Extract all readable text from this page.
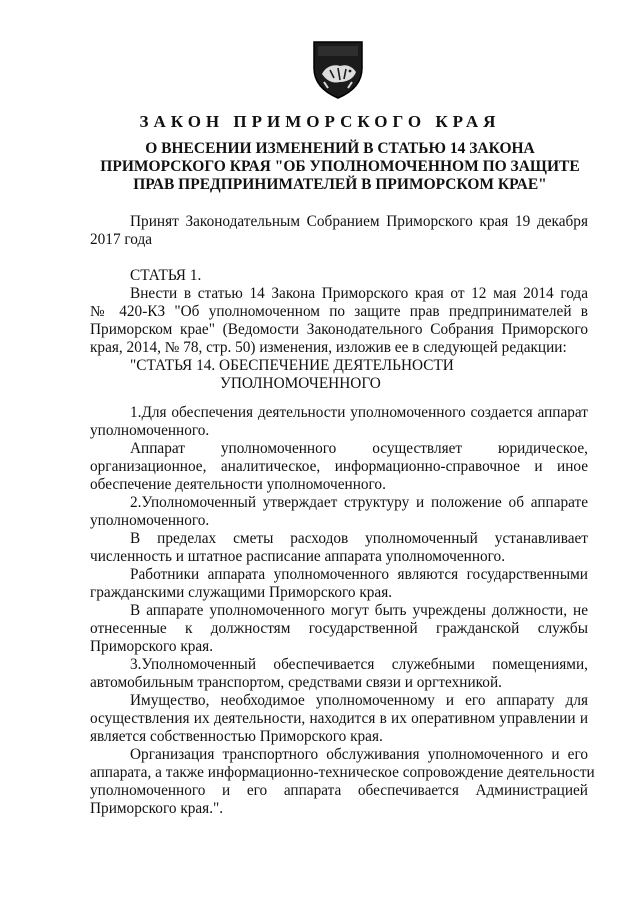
ЗАКОН ПРИМОРСКОГО КРАЯ
О ВНЕСЕНИИ ИЗМЕНЕНИЙ В СТАТЬЮ 14 ЗАКОНА
ПРИМОРСКОГО КРАЯ "ОБ УПОЛНОМОЧЕННОМ ПО ЗАЩИТЕ
ПРАВ ПРЕДПРИНИМАТЕЛЕЙ В ПРИМОРСКОМ КРАЕ"

Принят Законодательным Собранием Приморского края 19 декабря
2017 года

СТАТЬЯ 1.

Внести в статью 14 Закона Приморского края от 12 мая 2014 года
№ 420-КЗ "Об уполномоченном по защите прав предпринимателей в
Приморском крае" (Ведомости Законодательного Собрания Приморского
края, 2014, № 78, стр. 50) изменения, изложив ее в следующей редакции:

"СТАТЬЯ 14. ОБЕСПЕЧЕНИЕ ДЕЯТЕЛЬНОСТИ
УПОЛНОМОЧЕННОГО

1.Для обеспечения деятельности уполномоченного создается аппарат
уполномоченного.

Аппарат уполномоченного осуществляет юридическое,
организационное, аналитическое, информационно-справочное и иное
обеспечение деятельности уполномоченного.

2.Уполномоченный утверждает структуру и положение об аппарате
уполномоченного.

В пределах сметы расходов уполномоченный устанавливает
численность и штатное расписание аппарата уполномоченного.

Работники аппарата уполномоченного являются государственными
гражданскими служащими Приморского края.

В аппарате уполномоченного могут быть учреждены должности, не
отнесенные к должностям государственной гражданской службы
Приморского края.

3.Уполномоченный обеспечивается служебными помещениями,
автомобильным транспортом, средствами связи и оргтехникой.

Имущество, необходимое уполномоченному и его аппарату для
осуществления их деятельности, находится в их оперативном управлении и
является собственностью Приморского края.

Организация транспортного обслуживания уполномоченного и его
аппарата, а также информационно-техническое сопровождение деятельности
уполномоченного и его аппарата обеспечивается Администрацией
Приморского края.".
